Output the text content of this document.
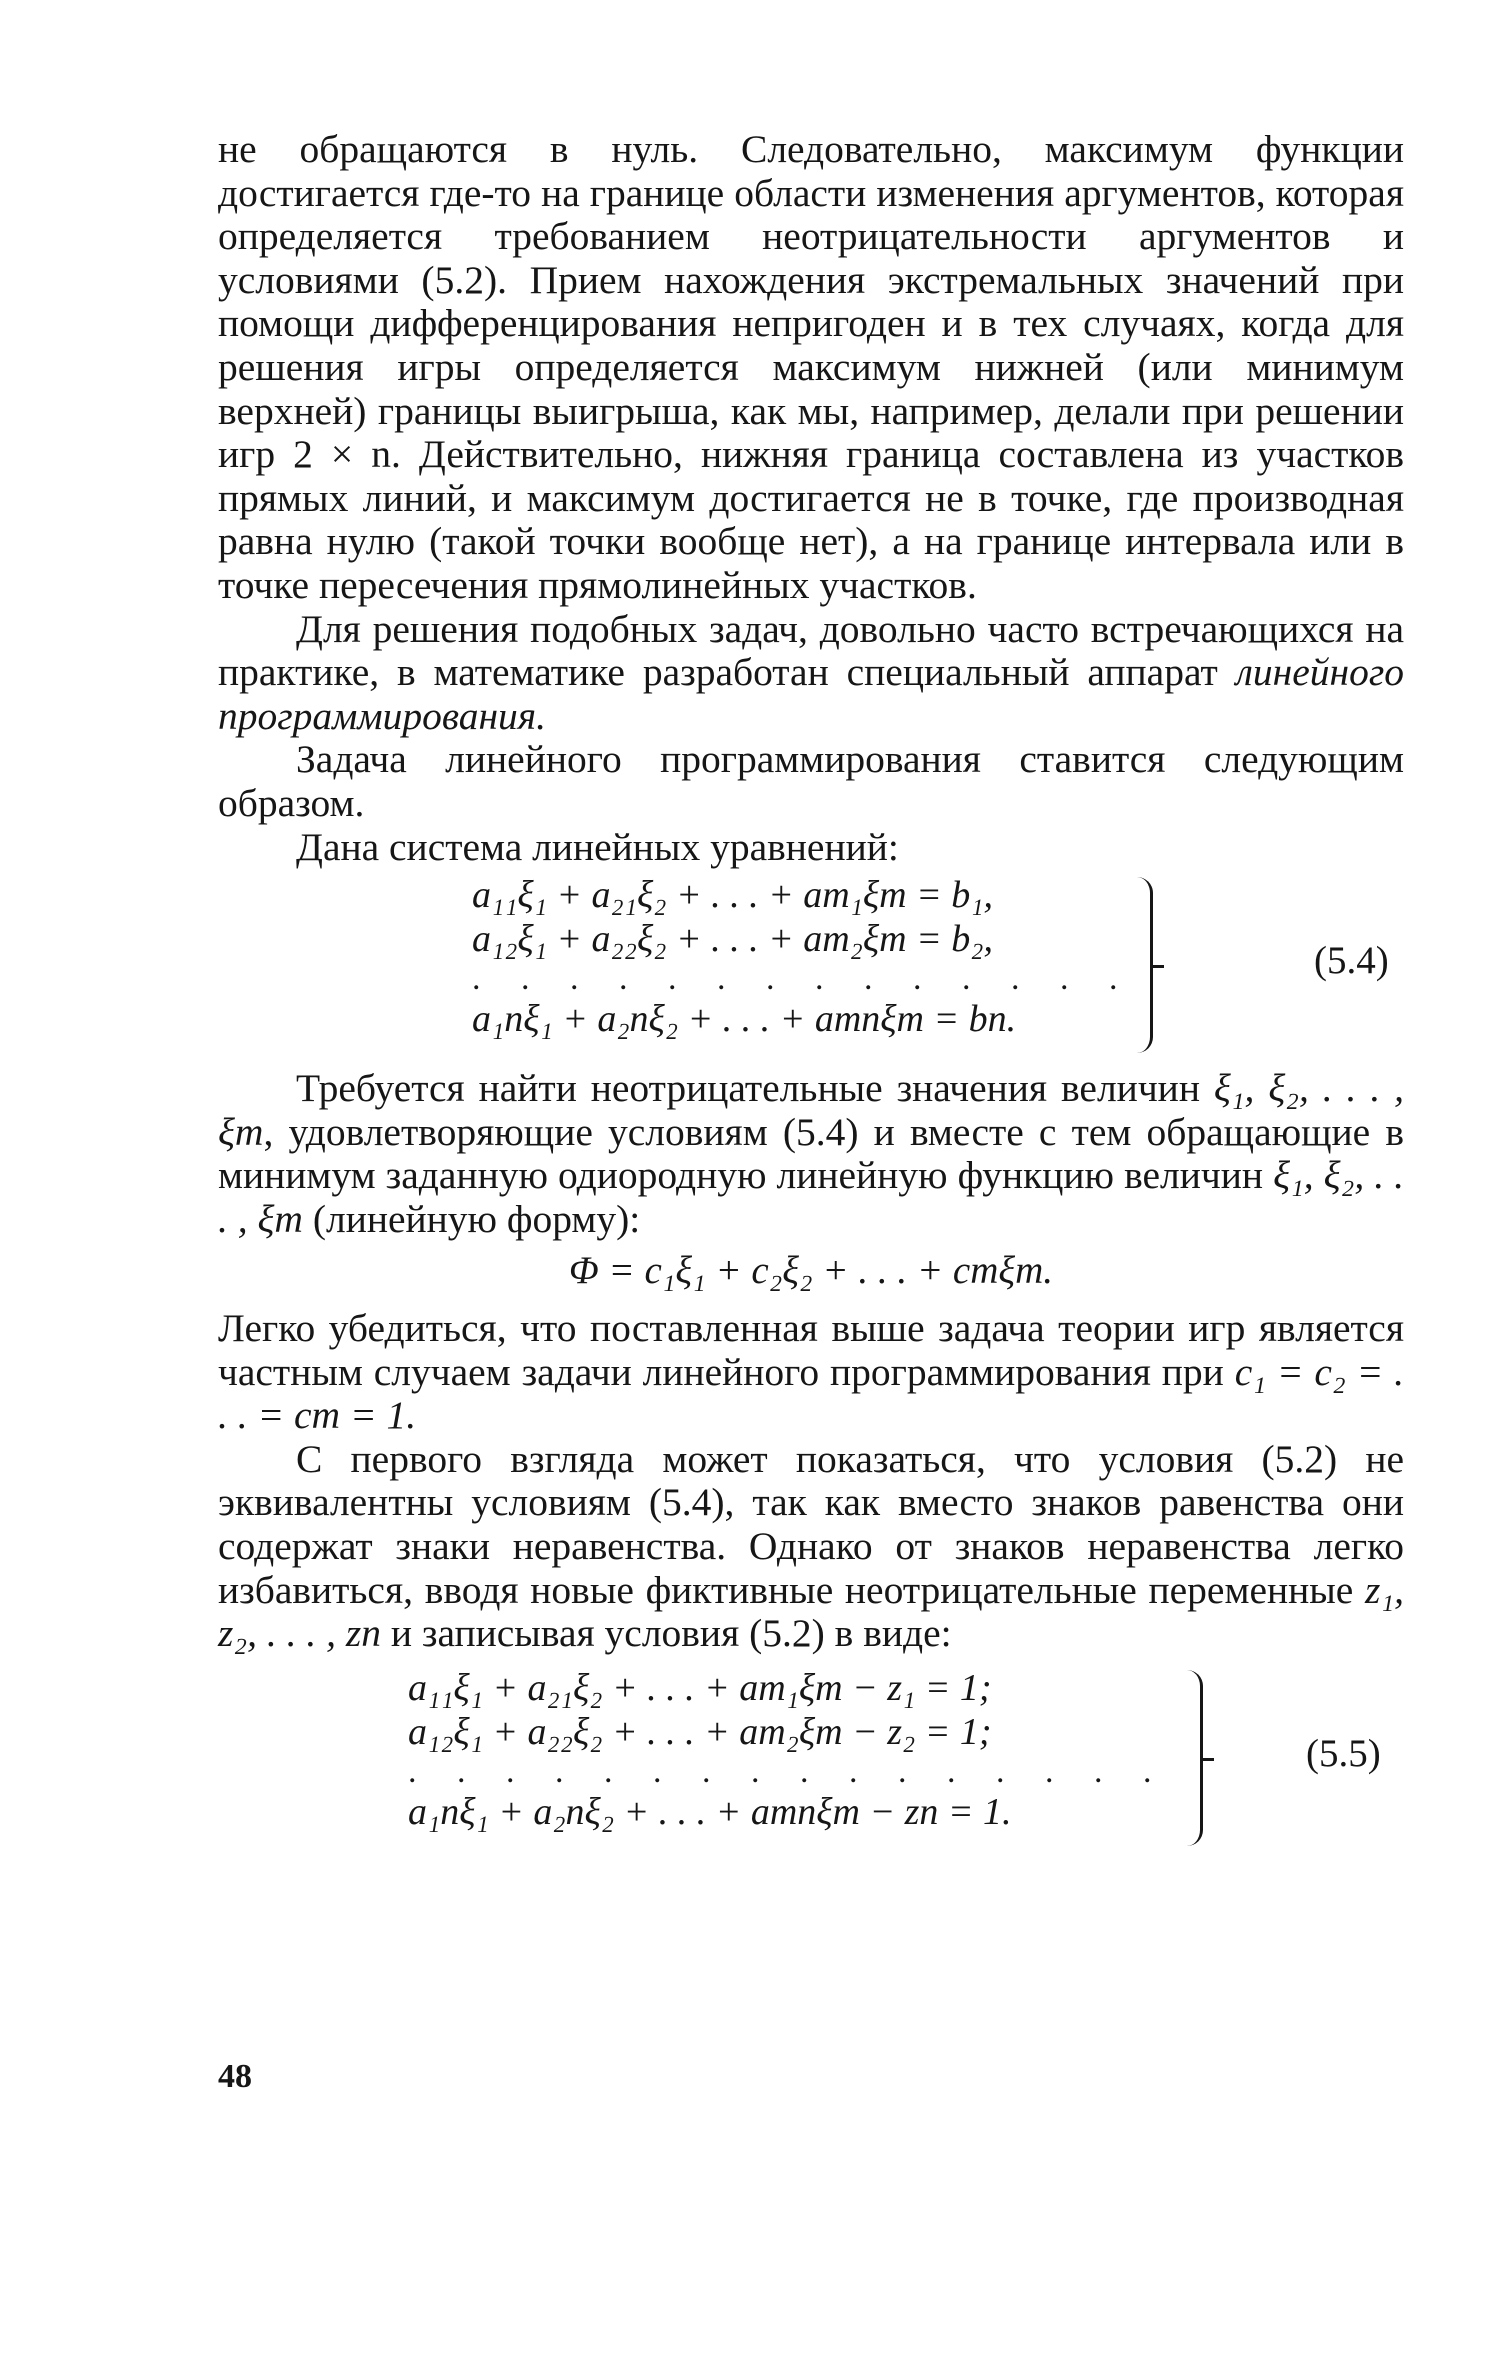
не обращаются в нуль. Следовательно, максимум функции достигается где-то на границе области изменения аргументов, которая определяется требованием неотрицательности аргументов и условиями (5.2). Прием нахождения экстремальных значений при помощи дифференцирования непригоден и в тех случаях, когда для решения игры определяется максимум нижней (или минимум верхней) границы выигрыша, как мы, например, делали при решении игр 2 × n. Действительно, нижняя граница составлена из участков прямых линий, и максимум достигается не в точке, где производная равна нулю (такой точки вообще нет), а на границе интервала или в точке пересечения прямолинейных участков.

Для решения подобных задач, довольно часто встречающихся на практике, в математике разработан специальный аппарат линейного программирования.

Задача линейного программирования ставится следующим образом.

Дана система линейных уравнений:

a₁₁ξ₁ + a₂₁ξ₂ + . . . + am₁ξm = b₁,
a₁₂ξ₁ + a₂₂ξ₂ + . . . + am₂ξm = b₂,
. . . . . . . . . . . . . .
a₁nξ₁ + a₂nξ₂ + . . . + amnξm = bn.
(5.4)

Требуется найти неотрицательные значения величин ξ₁, ξ₂, . . . , ξm, удовлетворяющие условиям (5.4) и вместе с тем обращающие в минимум заданную одиородную линейную функцию величин ξ₁, ξ₂, . . . , ξm (линейную форму):

Φ = c₁ξ₁ + c₂ξ₂ + . . . + cmξm.

Легко убедиться, что поставленная выше задача теории игр является частным случаем задачи линейного программирования при c₁ = c₂ = . . . = cm = 1.

С первого взгляда может показаться, что условия (5.2) не эквивалентны условиям (5.4), так как вместо знаков равенства они содержат знаки неравенства. Однако от знаков неравенства легко избавиться, вводя новые фиктивные неотрицательные переменные z₁, z₂, . . . , zn и записывая условия (5.2) в виде:

a₁₁ξ₁ + a₂₁ξ₂ + . . . + am₁ξm − z₁ = 1;
a₁₂ξ₁ + a₂₂ξ₂ + . . . + am₂ξm − z₂ = 1;
. . . . . . . . . . . . . . . .
a₁nξ₁ + a₂nξ₂ + . . . + amnξm − zn = 1.
(5.5)
48
